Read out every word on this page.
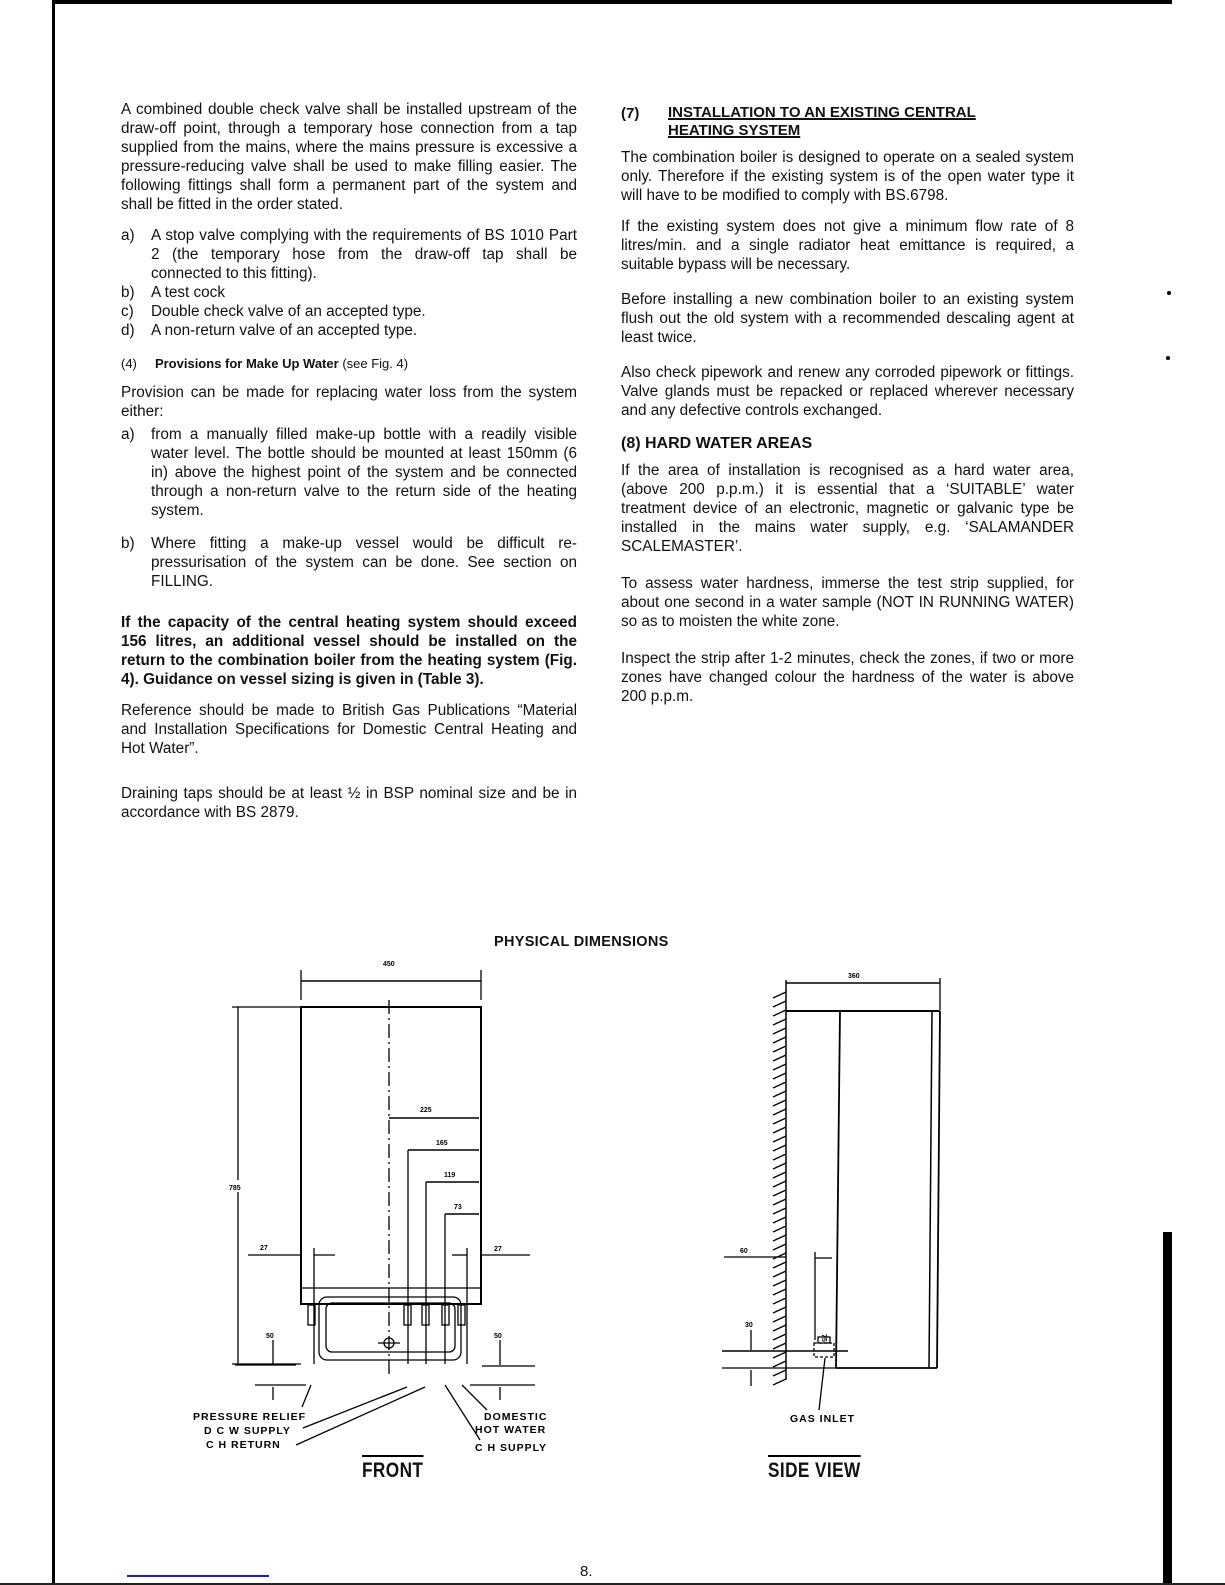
A combined double check valve shall be installed upstream of the draw-off point, through a temporary hose connection from a tap supplied from the mains, where the mains pressure is excessive a pressure-reducing valve shall be used to make filling easier. The following fittings shall form a permanent part of the system and shall be fitted in the order stated.

a) A stop valve complying with the requirements of BS 1010 Part 2 (the temporary hose from the draw-off tap shall be connected to this fitting).
b) A test cock
c) Double check valve of an accepted type.
d) A non-return valve of an accepted type.

(4) Provisions for Make Up Water (see Fig. 4)

Provision can be made for replacing water loss from the system either:

a) from a manually filled make-up bottle with a readily visible water level. The bottle should be mounted at least 150mm (6 in) above the highest point of the system and be connected through a non-return valve to the return side of the heating system.
b) Where fitting a make-up vessel would be difficult re-pressurisation of the system can be done. See section on FILLING.

If the capacity of the central heating system should exceed 156 litres, an additional vessel should be installed on the return to the combination boiler from the heating system (Fig. 4). Guidance on vessel sizing is given in (Table 3).

Reference should be made to British Gas Publications “Material and Installation Specifications for Domestic Central Heating and Hot Water”.

Draining taps should be at least ½ in BSP nominal size and be in accordance with BS 2879.

(7)	INSTALLATION TO AN EXISTING CENTRAL
HEATING SYSTEM

The combination boiler is designed to operate on a sealed system only. Therefore if the existing system is of the open water type it will have to be modified to comply with BS.6798.

If the existing system does not give a minimum flow rate of 8 litres/min. and a single radiator heat emittance is required, a suitable bypass will be necessary.

Before installing a new combination boiler to an existing system flush out the old system with a recommended descaling agent at least twice.

Also check pipework and renew any corroded pipework or fittings. Valve glands must be repacked or replaced wherever necessary and any defective controls exchanged.

(8) HARD WATER AREAS

If the area of installation is recognised as a hard water area, (above 200 p.p.m.) it is essential that a ‘SUITABLE’ water treatment device of an electronic, magnetic or galvanic type be installed in the mains water supply, e.g. ‘SALAMANDER SCALEMASTER’.

To assess water hardness, immerse the test strip supplied, for about one second in a water sample (NOT IN RUNNING WATER) so as to moisten the white zone.

Inspect the strip after 1-2 minutes, check the zones, if two or more zones have changed colour the hardness of the water is above 200 p.p.m.

PHYSICAL DIMENSIONS
450
785
225
165
119
73
27	27
50	50
PRESSURE RELIEF
D C W SUPPLY
C H RETURN
DOMESTIC
HOT WATER
C H SUPPLY
360
60
30
75
GAS INLET
FRONT	SIDE VIEW
8.
